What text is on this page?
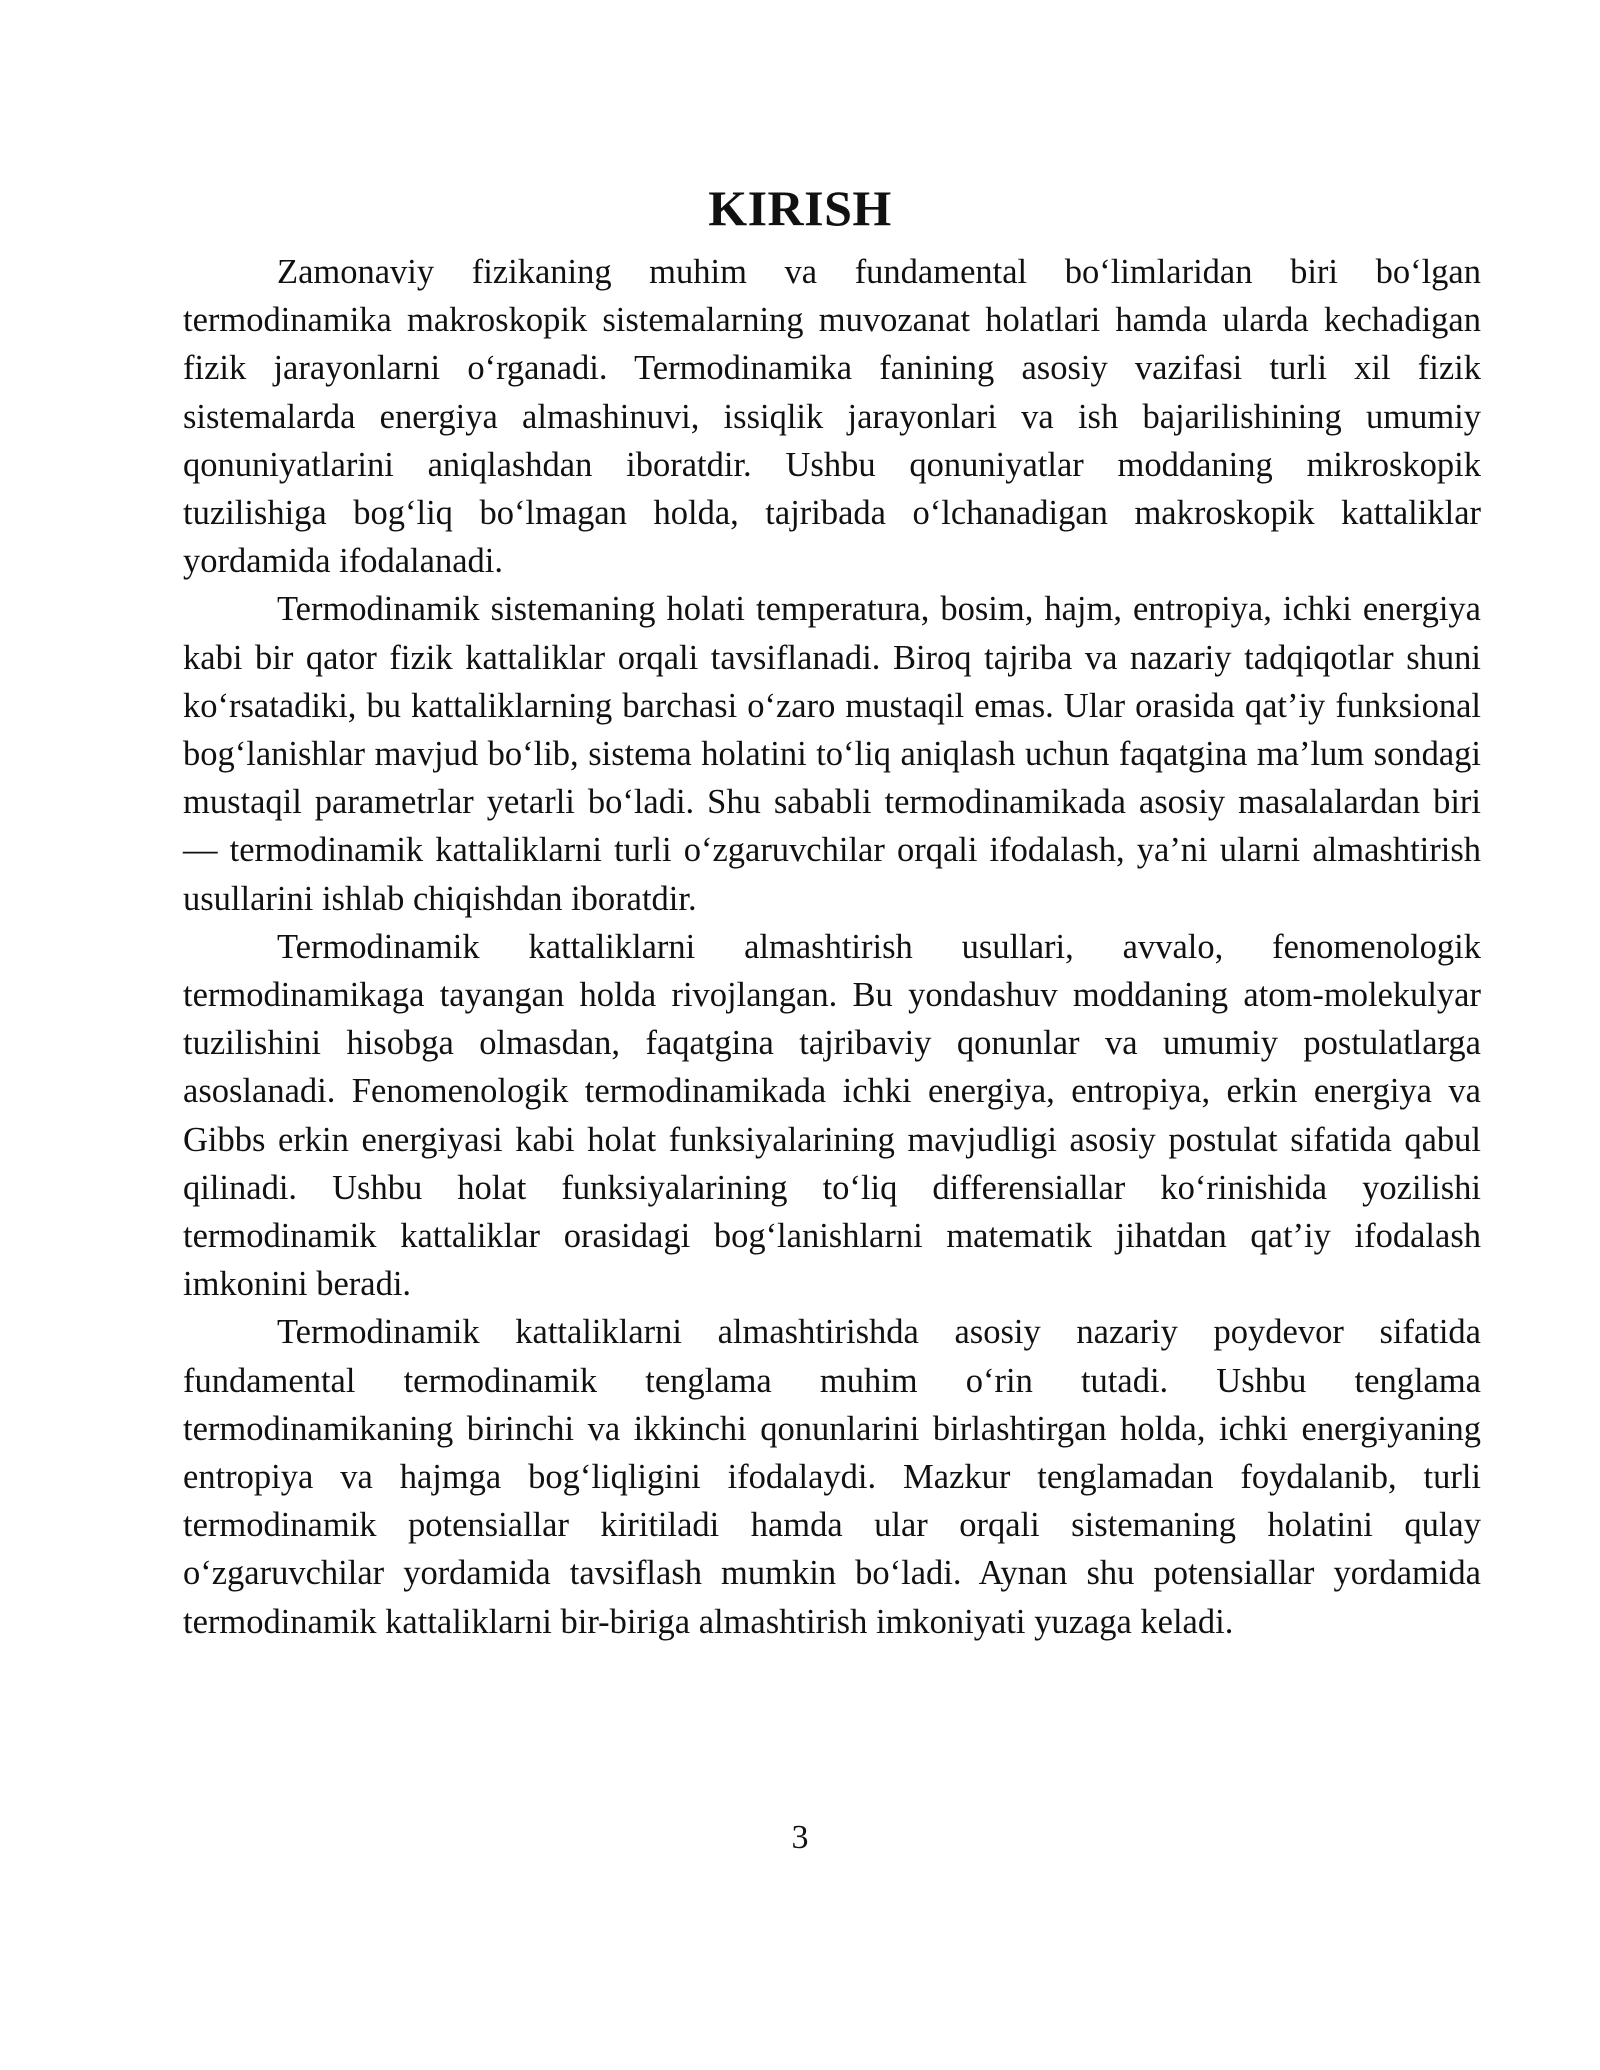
KIRISH

Zamonaviy fizikaning muhim va fundamental bo‘limlaridan biri bo‘lgan termodinamika makroskopik sistemalarning muvozanat holatlari hamda ularda kechadigan fizik jarayonlarni o‘rganadi. Termodinamika fanining asosiy vazifasi turli xil fizik sistemalarda energiya almashinuvi, issiqlik jarayonlari va ish bajarilishining umumiy qonuniyatlarini aniqlashdan iboratdir. Ushbu qonuniyatlar moddaning mikroskopik tuzilishiga bog‘liq bo‘lmagan holda, tajribada o‘lchanadigan makroskopik kattaliklar yordamida ifodalanadi.

Termodinamik sistemaning holati temperatura, bosim, hajm, entropiya, ichki energiya kabi bir qator fizik kattaliklar orqali tavsiflanadi. Biroq tajriba va nazariy tadqiqotlar shuni ko‘rsatadiki, bu kattaliklarning barchasi o‘zaro mustaqil emas. Ular orasida qat’iy funksional bog‘lanishlar mavjud bo‘lib, sistema holatini to‘liq aniqlash uchun faqatgina ma’lum sondagi mustaqil parametrlar yetarli bo‘ladi. Shu sababli termodinamikada asosiy masalalardan biri — termodinamik kattaliklarni turli o‘zgaruvchilar orqali ifodalash, ya’ni ularni almashtirish usullarini ishlab chiqishdan iboratdir.

Termodinamik kattaliklarni almashtirish usullari, avvalo, fenomenologik termodinamikaga tayangan holda rivojlangan. Bu yondashuv moddaning atom-molekulyar tuzilishini hisobga olmasdan, faqatgina tajribaviy qonunlar va umumiy postulatlarga asoslanadi. Fenomenologik termodinamikada ichki energiya, entropiya, erkin energiya va Gibbs erkin energiyasi kabi holat funksiyalarining mavjudligi asosiy postulat sifatida qabul qilinadi. Ushbu holat funksiyalarining to‘liq differensiallar ko‘rinishida yozilishi termodinamik kattaliklar orasidagi bog‘lanishlarni matematik jihatdan qat’iy ifodalash imkonini beradi.

Termodinamik kattaliklarni almashtirishda asosiy nazariy poydevor sifatida fundamental termodinamik tenglama muhim o‘rin tutadi. Ushbu tenglama termodinamikaning birinchi va ikkinchi qonunlarini birlashtirgan holda, ichki energiyaning entropiya va hajmga bog‘liqligini ifodalaydi. Mazkur tenglamadan foydalanib, turli termodinamik potensiallar kiritiladi hamda ular orqali sistemaning holatini qulay o‘zgaruvchilar yordamida tavsiflash mumkin bo‘ladi. Aynan shu potensiallar yordamida termodinamik kattaliklarni bir-biriga almashtirish imkoniyati yuzaga keladi.

3
